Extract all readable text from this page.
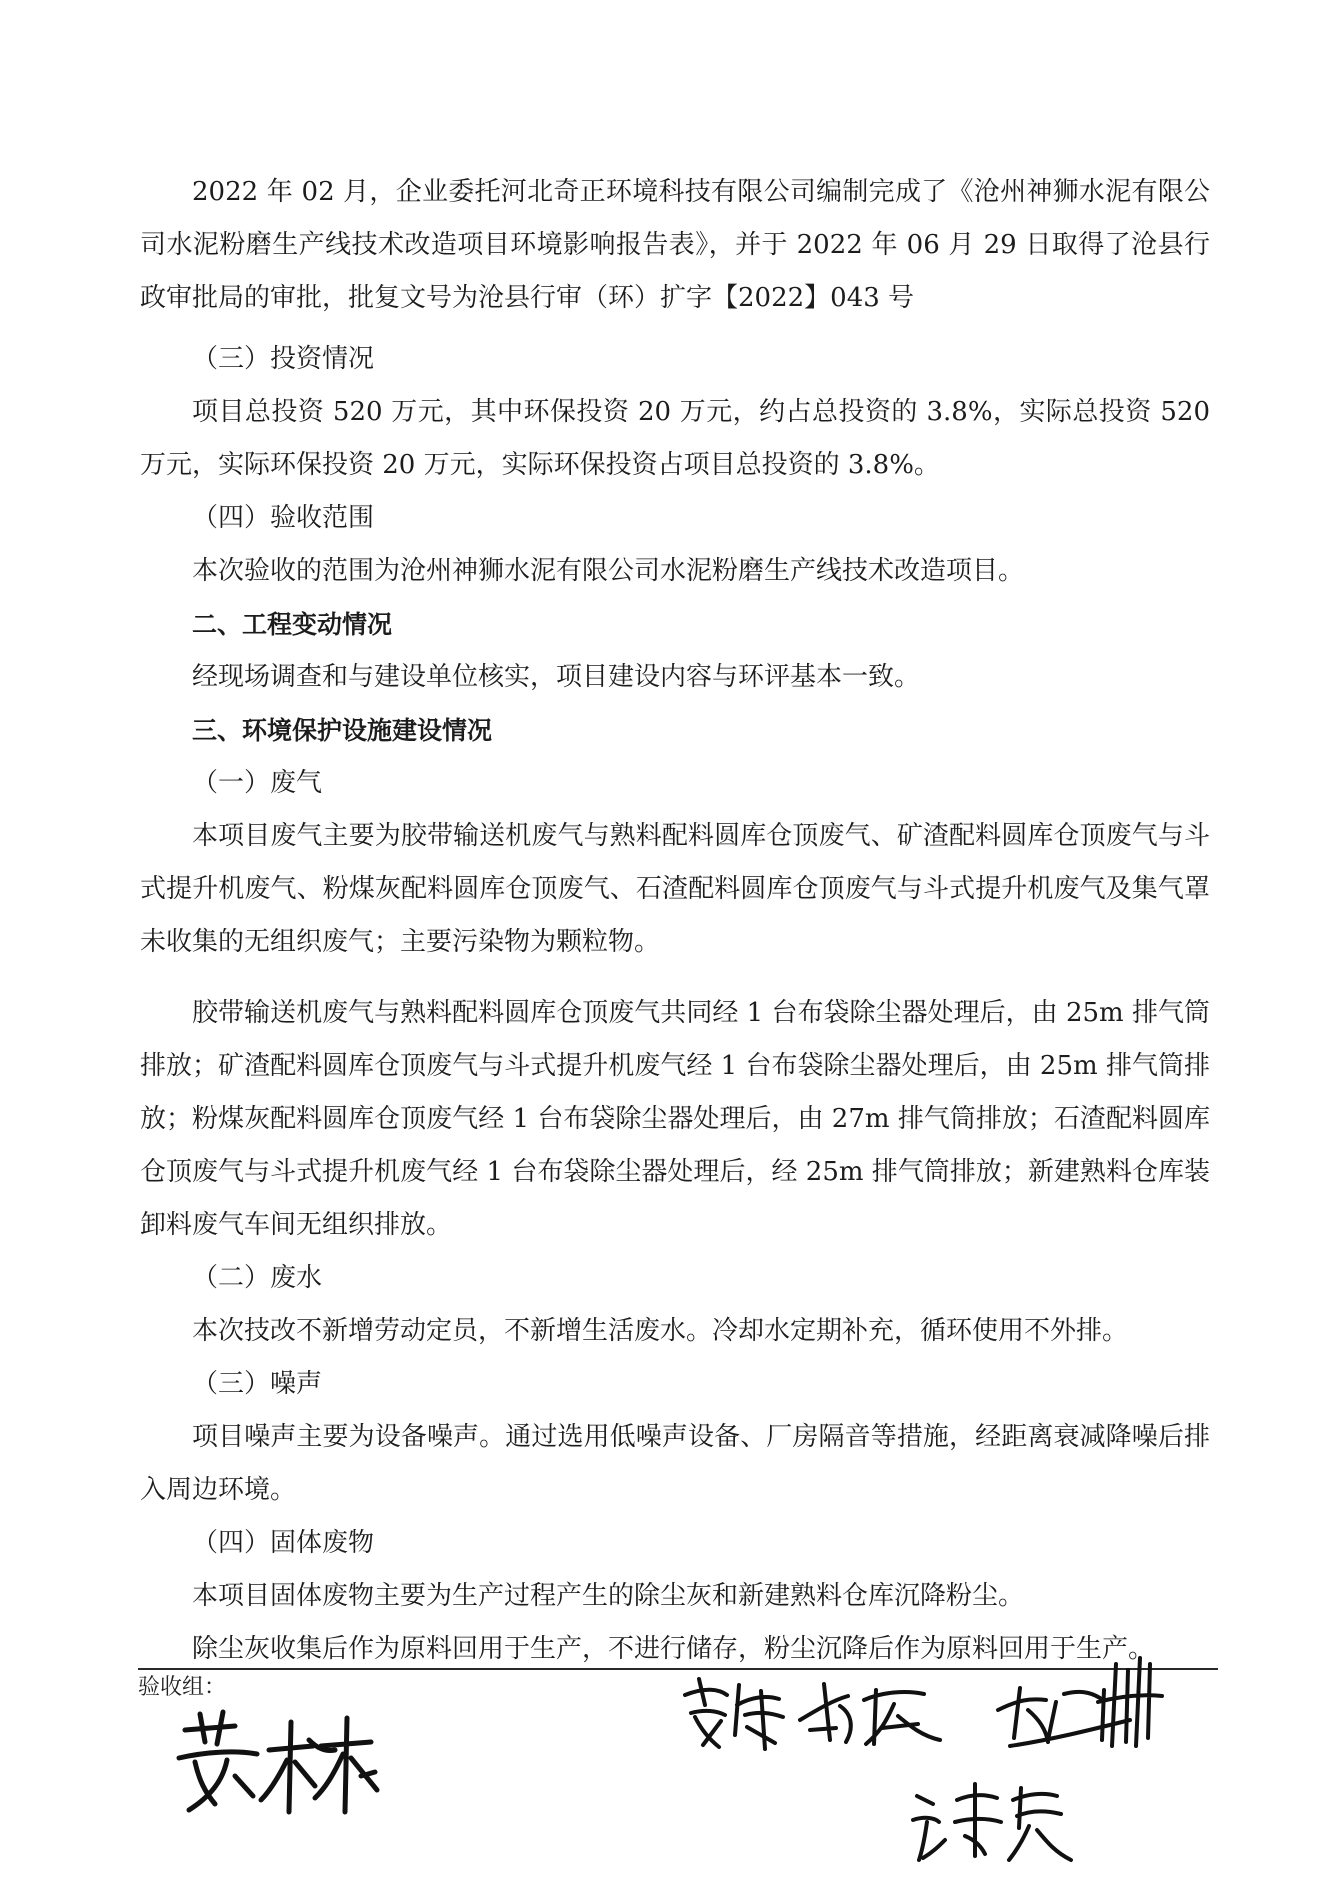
2022 年 02 月，企业委托河北奇正环境科技有限公司编制完成了《沧州神狮水泥有限公司水泥粉磨生产线技术改造项目环境影响报告表》，并于 2022 年 06 月 29 日取得了沧县行政审批局的审批，批复文号为沧县行审（环）扩字【2022】043 号

（三）投资情况

项目总投资 520 万元，其中环保投资 20 万元，约占总投资的 3.8%，实际总投资 520 万元，实际环保投资 20 万元，实际环保投资占项目总投资的 3.8%。

（四）验收范围

本次验收的范围为沧州神狮水泥有限公司水泥粉磨生产线技术改造项目。

二、工程变动情况

经现场调查和与建设单位核实，项目建设内容与环评基本一致。

三、环境保护设施建设情况

（一）废气

本项目废气主要为胶带输送机废气与熟料配料圆库仓顶废气、矿渣配料圆库仓顶废气与斗式提升机废气、粉煤灰配料圆库仓顶废气、石渣配料圆库仓顶废气与斗式提升机废气及集气罩未收集的无组织废气；主要污染物为颗粒物。

胶带输送机废气与熟料配料圆库仓顶废气共同经 1 台布袋除尘器处理后，由 25m 排气筒排放；矿渣配料圆库仓顶废气与斗式提升机废气经 1 台布袋除尘器处理后，由 25m 排气筒排放；粉煤灰配料圆库仓顶废气经 1 台布袋除尘器处理后，由 27m 排气筒排放；石渣配料圆库仓顶废气与斗式提升机废气经 1 台布袋除尘器处理后，经 25m 排气筒排放；新建熟料仓库装卸料废气车间无组织排放。

（二）废水

本次技改不新增劳动定员，不新增生活废水。冷却水定期补充，循环使用不外排。

（三）噪声

项目噪声主要为设备噪声。通过选用低噪声设备、厂房隔音等措施，经距离衰减降噪后排入周边环境。

（四）固体废物

本项目固体废物主要为生产过程产生的除尘灰和新建熟料仓库沉降粉尘。

除尘灰收集后作为原料回用于生产，不进行储存，粉尘沉降后作为原料回用于生产。

验收组：
